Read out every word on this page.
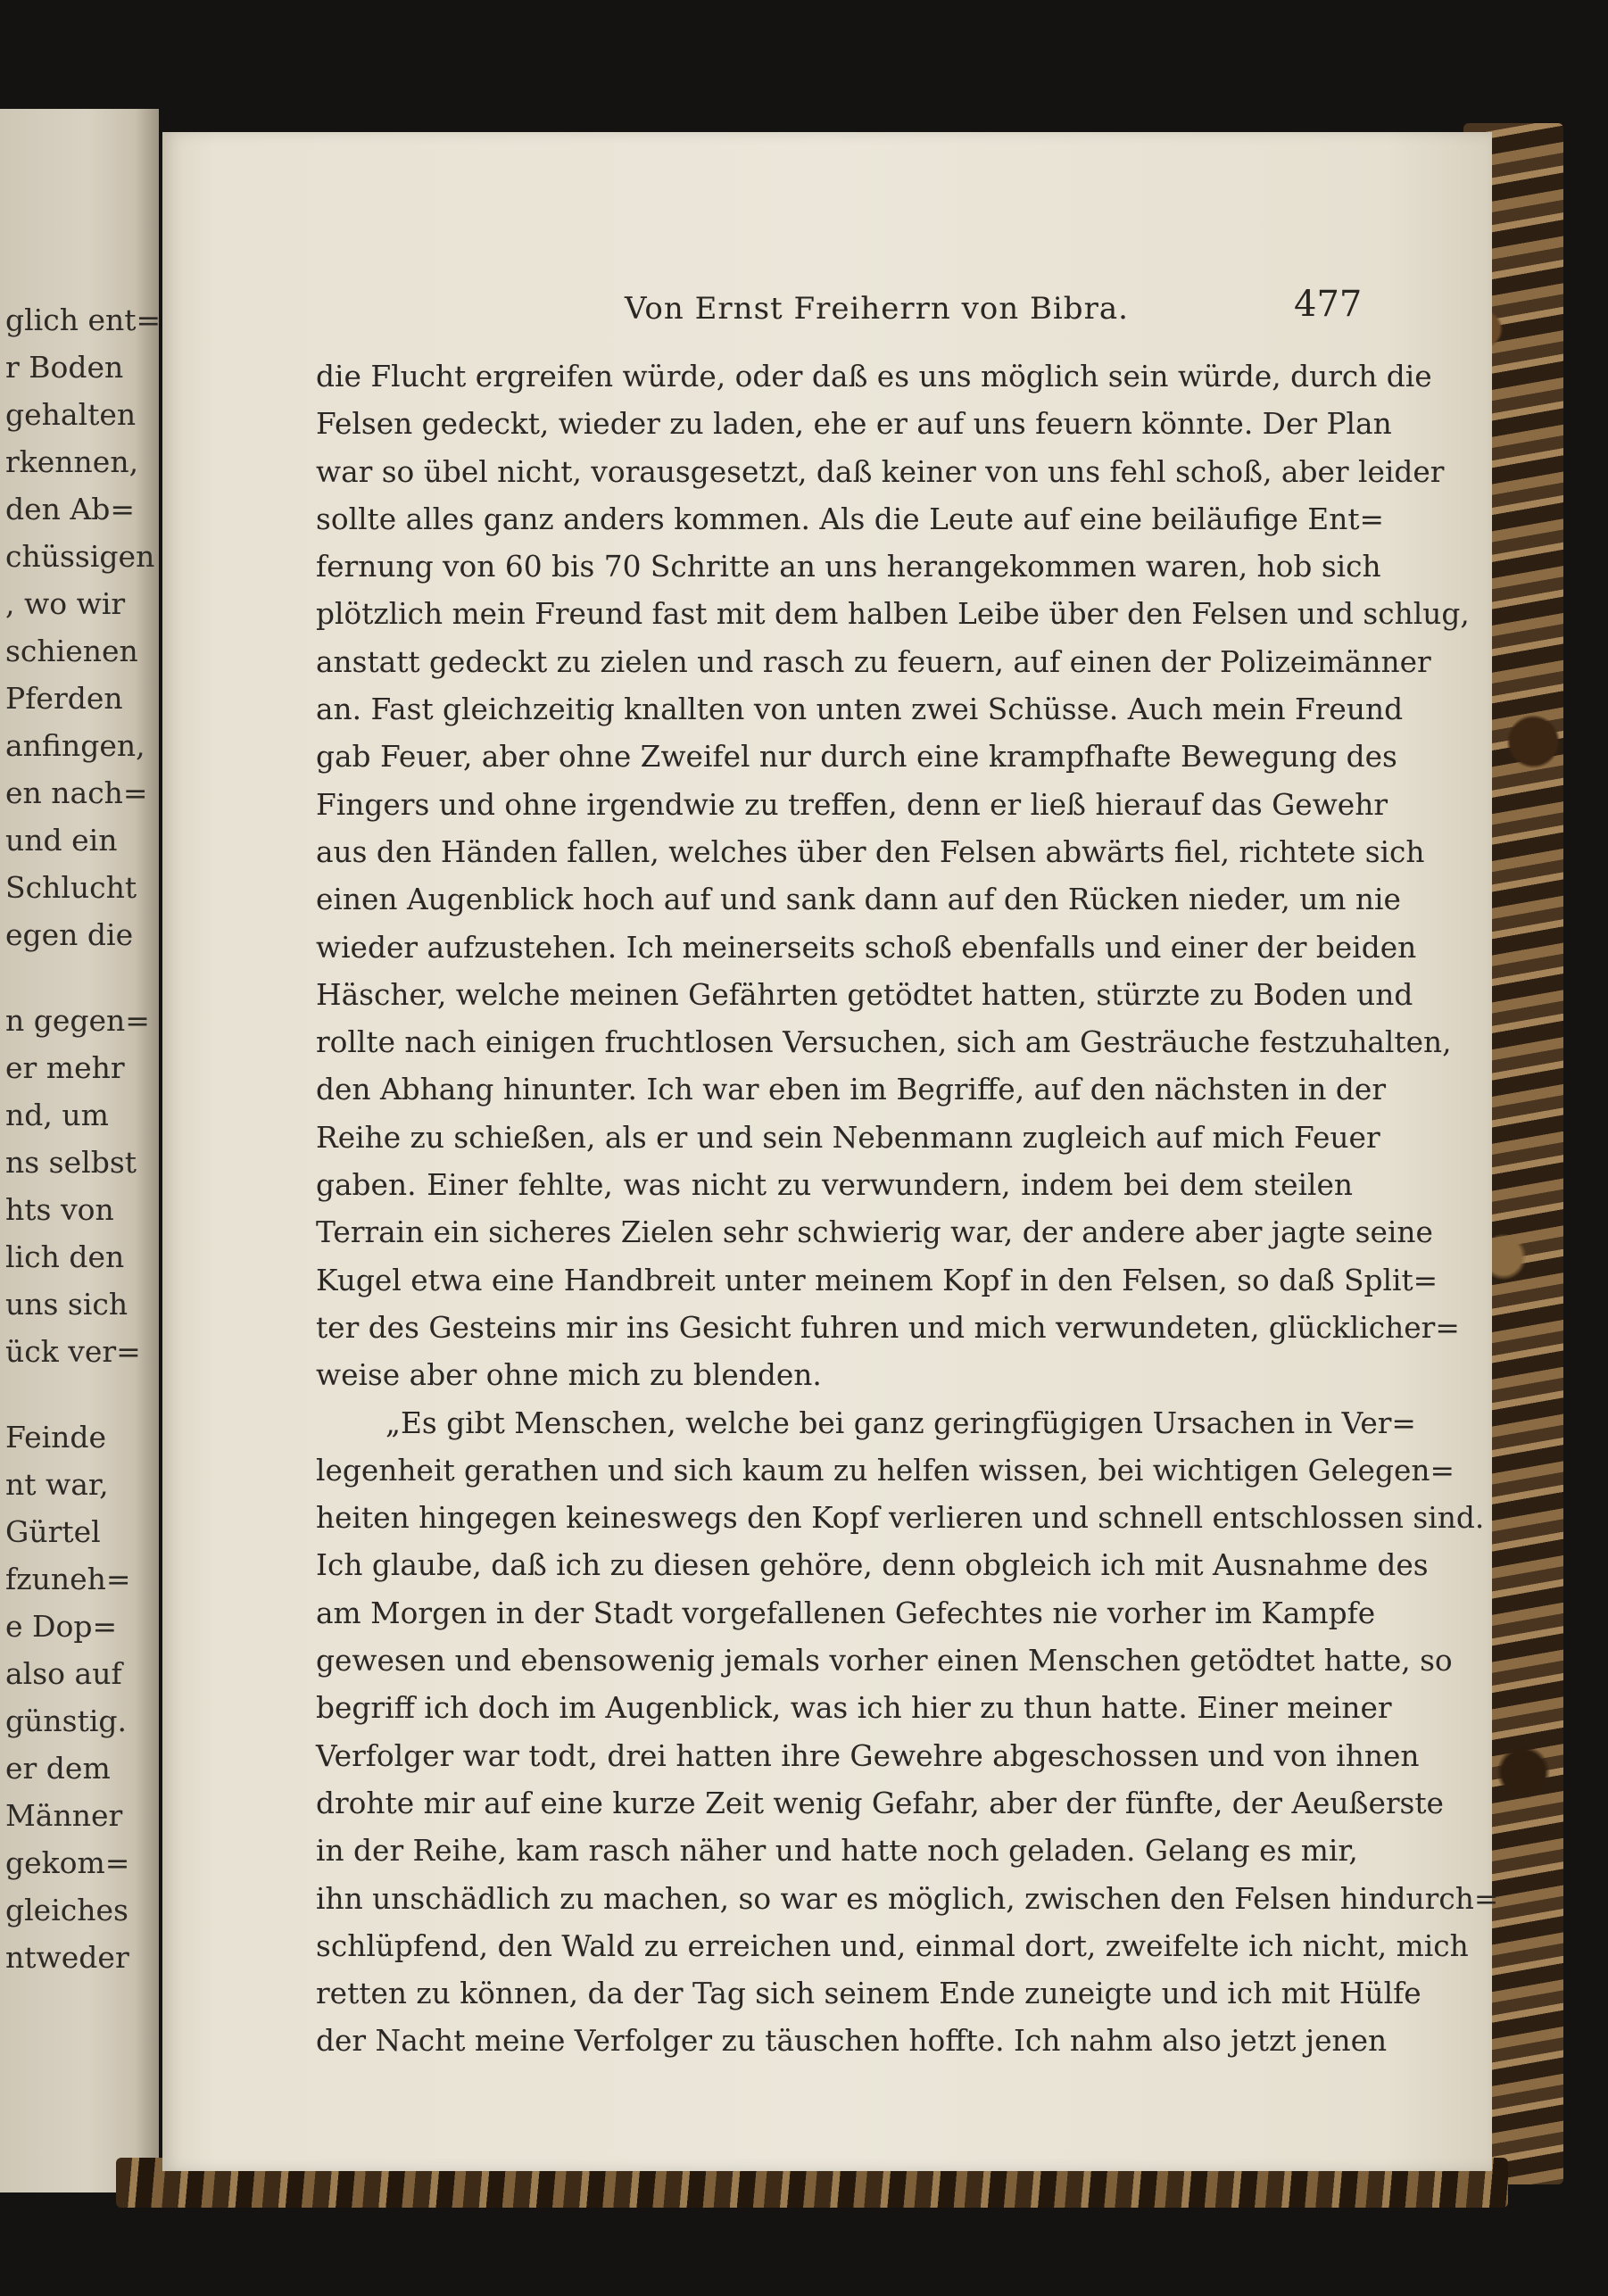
glich ent=
r Boden
gehalten
rkennen,
den Ab=
chüssigen
, wo wir
schienen
Pferden
anfingen,
en nach=
und ein
Schlucht
egen die
n gegen=
er mehr
nd, um
ns selbst
hts von
lich den
uns sich
ück ver=
Feinde
nt war,
Gürtel
fzuneh=
e Dop=
also auf
günstig.
er dem
Männer
gekom=
gleiches
ntweder
Von Ernst Freiherrn von Bibra.	477
die Flucht ergreifen würde, oder daß es uns möglich sein würde, durch die
Felsen gedeckt, wieder zu laden, ehe er auf uns feuern könnte. Der Plan
war so übel nicht, vorausgesetzt, daß keiner von uns fehl schoß, aber leider
sollte alles ganz anders kommen. Als die Leute auf eine beiläufige Ent=
fernung von 60 bis 70 Schritte an uns herangekommen waren, hob sich
plötzlich mein Freund fast mit dem halben Leibe über den Felsen und schlug,
anstatt gedeckt zu zielen und rasch zu feuern, auf einen der Polizeimänner
an. Fast gleichzeitig knallten von unten zwei Schüsse. Auch mein Freund
gab Feuer, aber ohne Zweifel nur durch eine krampfhafte Bewegung des
Fingers und ohne irgendwie zu treffen, denn er ließ hierauf das Gewehr
aus den Händen fallen, welches über den Felsen abwärts fiel, richtete sich
einen Augenblick hoch auf und sank dann auf den Rücken nieder, um nie
wieder aufzustehen. Ich meinerseits schoß ebenfalls und einer der beiden
Häscher, welche meinen Gefährten getödtet hatten, stürzte zu Boden und
rollte nach einigen fruchtlosen Versuchen, sich am Gesträuche festzuhalten,
den Abhang hinunter. Ich war eben im Begriffe, auf den nächsten in der
Reihe zu schießen, als er und sein Nebenmann zugleich auf mich Feuer
gaben. Einer fehlte, was nicht zu verwundern, indem bei dem steilen
Terrain ein sicheres Zielen sehr schwierig war, der andere aber jagte seine
Kugel etwa eine Handbreit unter meinem Kopf in den Felsen, so daß Split=
ter des Gesteins mir ins Gesicht fuhren und mich verwundeten, glücklicher=
weise aber ohne mich zu blenden.
„Es gibt Menschen, welche bei ganz geringfügigen Ursachen in Ver=
legenheit gerathen und sich kaum zu helfen wissen, bei wichtigen Gelegen=
heiten hingegen keineswegs den Kopf verlieren und schnell entschlossen sind.
Ich glaube, daß ich zu diesen gehöre, denn obgleich ich mit Ausnahme des
am Morgen in der Stadt vorgefallenen Gefechtes nie vorher im Kampfe
gewesen und ebensowenig jemals vorher einen Menschen getödtet hatte, so
begriff ich doch im Augenblick, was ich hier zu thun hatte. Einer meiner
Verfolger war todt, drei hatten ihre Gewehre abgeschossen und von ihnen
drohte mir auf eine kurze Zeit wenig Gefahr, aber der fünfte, der Aeußerste
in der Reihe, kam rasch näher und hatte noch geladen. Gelang es mir,
ihn unschädlich zu machen, so war es möglich, zwischen den Felsen hindurch=
schlüpfend, den Wald zu erreichen und, einmal dort, zweifelte ich nicht, mich
retten zu können, da der Tag sich seinem Ende zuneigte und ich mit Hülfe
der Nacht meine Verfolger zu täuschen hoffte. Ich nahm also jetzt jenen
